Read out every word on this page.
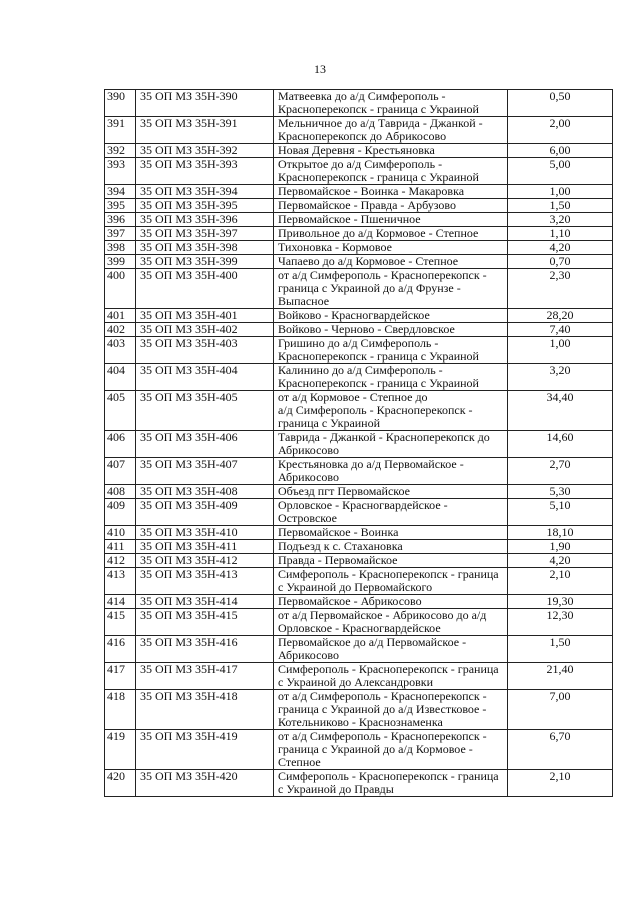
13
390	35 ОП МЗ 35Н-390	Матвеевка до а/д Симферополь -
Красноперекопск - граница с Украиной	0,50
391	35 ОП МЗ 35Н-391	Мельничное до а/д Таврида - Джанкой -
Красноперекопск до Абрикосово	2,00
392	35 ОП МЗ 35Н-392	Новая Деревня - Крестьяновка	6,00
393	35 ОП МЗ 35Н-393	Открытое до а/д Симферополь -
Красноперекопск - граница с Украиной	5,00
394	35 ОП МЗ 35Н-394	Первомайское - Воинка - Макаровка	1,00
395	35 ОП МЗ 35Н-395	Первомайское - Правда - Арбузово	1,50
396	35 ОП МЗ 35Н-396	Первомайское - Пшеничное	3,20
397	35 ОП МЗ 35Н-397	Привольное до а/д Кормовое - Степное	1,10
398	35 ОП МЗ 35Н-398	Тихоновка - Кормовое	4,20
399	35 ОП МЗ 35Н-399	Чапаево до а/д Кормовое - Степное	0,70
400	35 ОП МЗ 35Н-400	от а/д Симферополь - Красноперекопск -
граница с Украиной до а/д Фрунзе -
Выпасное	2,30
401	35 ОП МЗ 35Н-401	Войково - Красногвардейское	28,20
402	35 ОП МЗ 35Н-402	Войково - Черново - Свердловское	7,40
403	35 ОП МЗ 35Н-403	Гришино до а/д Симферополь -
Красноперекопск - граница с Украиной	1,00
404	35 ОП МЗ 35Н-404	Калинино до а/д Симферополь -
Красноперекопск - граница с Украиной	3,20
405	35 ОП МЗ 35Н-405	от а/д Кормовое - Степное до
а/д Симферополь - Красноперекопск -
граница с Украиной	34,40
406	35 ОП МЗ 35Н-406	Таврида - Джанкой - Красноперекопск до
Абрикосово	14,60
407	35 ОП МЗ 35Н-407	Крестьяновка до а/д Первомайское -
Абрикосово	2,70
408	35 ОП МЗ 35Н-408	Объезд пгт Первомайское	5,30
409	35 ОП МЗ 35Н-409	Орловское - Красногвардейское -
Островское	5,10
410	35 ОП МЗ 35Н-410	Первомайское - Воинка	18,10
411	35 ОП МЗ 35Н-411	Подъезд к с. Стахановка	1,90
412	35 ОП МЗ 35Н-412	Правда - Первомайское	4,20
413	35 ОП МЗ 35Н-413	Симферополь - Красноперекопск - граница
с Украиной до Первомайского	2,10
414	35 ОП МЗ 35Н-414	Первомайское - Абрикосово	19,30
415	35 ОП МЗ 35Н-415	от а/д Первомайское - Абрикосово до а/д
Орловское - Красногвардейское	12,30
416	35 ОП МЗ 35Н-416	Первомайское до а/д Первомайское -
Абрикосово	1,50
417	35 ОП МЗ 35Н-417	Симферополь - Красноперекопск - граница
с Украиной до Александровки	21,40
418	35 ОП МЗ 35Н-418	от а/д Симферополь - Красноперекопск -
граница с Украиной до а/д Известковое -
Котельниково - Краснознаменка	7,00
419	35 ОП МЗ 35Н-419	от а/д Симферополь - Красноперекопск -
граница с Украиной до а/д Кормовое -
Степное	6,70
420	35 ОП МЗ 35Н-420	Симферополь - Красноперекопск - граница
с Украиной до Правды	2,10
